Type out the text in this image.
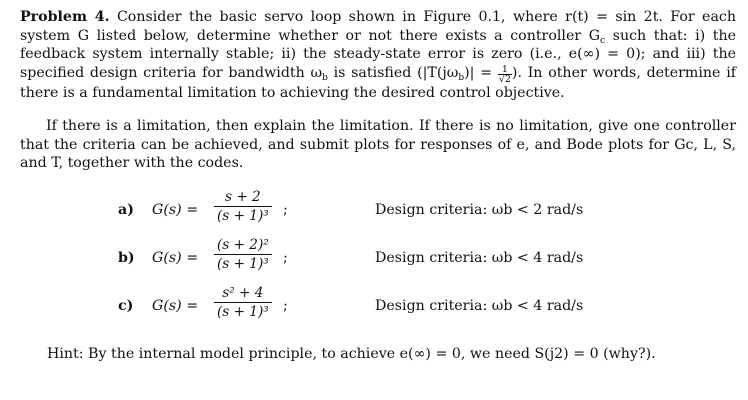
Problem 4. Consider the basic servo loop shown in Figure 0.1, where r(t) = sin 2t. For each system G listed below, determine whether or not there exists a controller $G_c$ such that: i) the feedback system internally stable; ii) the steady-state error is zero (i.e., e(∞) = 0); and iii) the specified design criteria for bandwidth $\omega_b$ is satisfied ($|T(j\omega_b)| = \frac{1}{√2}$ ). In other words, determine if there is a fundamental limitation to achieving the desired control objective.

If there is a limitation, then explain the limitation. If there is no limitation, give one controller that the criteria can be achieved, and submit plots for responses of e, and Bode plots for Gc, L, S, and T, together with the codes.

a) $G(s) = \frac{s + 2}{\text{(s + 1)³}}$ ;	Design criteria: ωb < 2 rad/s
b) $G(s) = \frac{\text{(s + 2)²}}{\text{(s + 1)³}}$ ;	Design criteria: ωb < 4 rad/s
c) $G(s) = \frac{\text{s² + 4}}{\text{(s + 1)³}}$ ;	Design criteria: ωb < 4 rad/s
Hint: By the internal model principle, to achieve e(∞) = 0, we need S(j2) = 0 (why?).
